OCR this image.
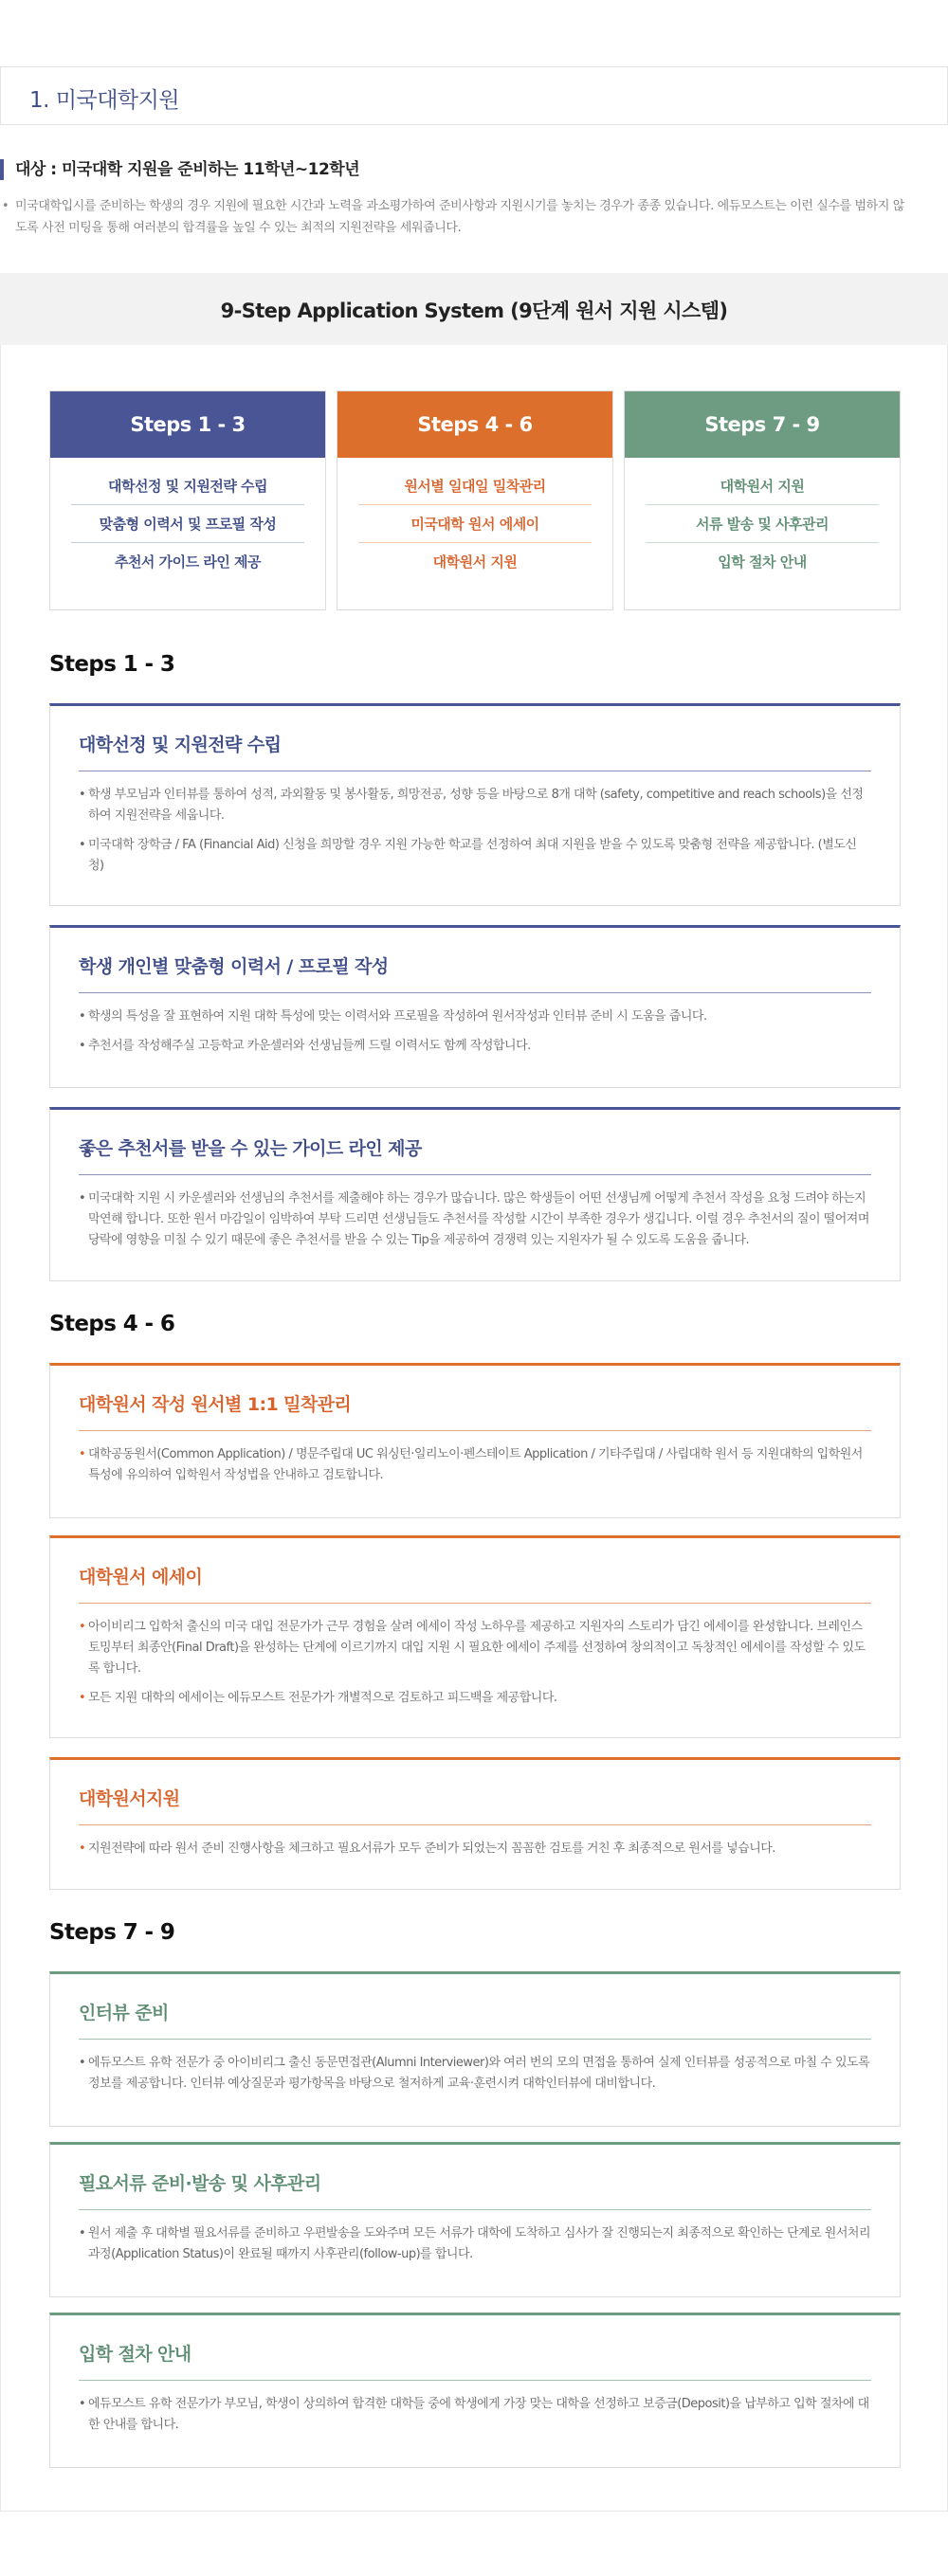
1. 미국대학지원
대상 : 미국대학 지원을 준비하는 11학년~12학년
• 미국대학입시를 준비하는 학생의 경우 지원에 필요한 시간과 노력을 과소평가하여 준비사항과 지원시기를 놓치는 경우가 종종 있습니다. 에듀모스트는 이런 실수를 범하지 않도록 사전 미팅을 통해 여러분의 합격률을 높일 수 있는 최적의 지원전략을 세워줍니다.
9-Step Application System (9단계 원서 지원 시스템)
Steps 1 - 3
대학선정 및 지원전략 수립
맞춤형 이력서 및 프로필 작성
추천서 가이드 라인 제공
Steps 4 - 6
원서별 일대일 밀착관리
미국대학 원서 에세이
대학원서 지원
Steps 7 - 9
대학원서 지원
서류 발송 및 사후관리
입학 절차 안내
Steps 1 - 3
대학선정 및 지원전략 수립
• 학생 부모님과 인터뷰를 통하여 성적, 과외활동 및 봉사활동, 희망전공, 성향 등을 바탕으로 8개 대학 (safety, competitive and reach schools)을 선정하여 지원전략을 세웁니다.
• 미국대학 장학금 / FA (Financial Aid) 신청을 희망할 경우 지원 가능한 학교를 선정하여 최대 지원을 받을 수 있도록 맞춤형 전략을 제공합니다. (별도신청)
학생 개인별 맞춤형 이력서 / 프로필 작성
• 학생의 특성을 잘 표현하여 지원 대학 특성에 맞는 이력서와 프로필을 작성하여 원서작성과 인터뷰 준비 시 도움을 줍니다.
• 추천서를 작성해주실 고등학교 카운셀러와 선생님들께 드릴 이력서도 함께 작성합니다.
좋은 추천서를 받을 수 있는 가이드 라인 제공
• 미국대학 지원 시 카운셀러와 선생님의 추천서를 제출해야 하는 경우가 많습니다. 많은 학생들이 어떤 선생님께 어떻게 추천서 작성을 요청 드려야 하는지 막연해 합니다. 또한 원서 마감일이 임박하여 부탁 드리면 선생님들도 추천서를 작성할 시간이 부족한 경우가 생깁니다. 이럴 경우 추천서의 질이 떨어져며 당락에 영향을 미칠 수 있기 때문에 좋은 추천서를 받을 수 있는 Tip을 제공하여 경쟁력 있는 지원자가 될 수 있도록 도움을 줍니다.
Steps 4 - 6
대학원서 작성 원서별 1:1 밀착관리
• 대학공동원서(Common Application) / 명문주립대 UC 워싱턴·일리노이·펜스테이트 Application / 기타주립대 / 사립대학 원서 등 지원대학의 입학원서 특성에 유의하여 입학원서 작성법을 안내하고 검토합니다.
대학원서 에세이
• 아이비리그 입학처 출신의 미국 대입 전문가가 근무 경험을 살려 에세이 작성 노하우를 제공하고 지원자의 스토리가 담긴 에세이를 완성합니다. 브레인스토밍부터 최종안(Final Draft)을 완성하는 단계에 이르기까지 대입 지원 시 필요한 에세이 주제를 선정하여 창의적이고 독창적인 에세이를 작성할 수 있도록 합니다.
• 모든 지원 대학의 에세이는 에듀모스트 전문가가 개별적으로 검토하고 피드백을 제공합니다.
대학원서지원
• 지원전략에 따라 원서 준비 진행사항을 체크하고 필요서류가 모두 준비가 되었는지 꼼꼼한 검토를 거친 후 최종적으로 원서를 넣습니다.
Steps 7 - 9
인터뷰 준비
• 에듀모스트 유학 전문가 중 아이비리그 출신 동문면접관(Alumni Interviewer)와 여러 번의 모의 면접을 통하여 실제 인터뷰를 성공적으로 마칠 수 있도록 정보를 제공합니다. 인터뷰 예상질문과 평가항목을 바탕으로 철저하게 교육·훈련시켜 대학인터뷰에 대비합니다.
필요서류 준비·발송 및 사후관리
• 원서 제출 후 대학별 필요서류를 준비하고 우편발송을 도와주며 모든 서류가 대학에 도착하고 심사가 잘 진행되는지 최종적으로 확인하는 단계로 원서처리과정(Application Status)이 완료될 때까지 사후관리(follow-up)를 합니다.
입학 절차 안내
• 에듀모스트 유학 전문가가 부모님, 학생이 상의하여 합격한 대학들 중에 학생에게 가장 맞는 대학을 선정하고 보증금(Deposit)을 납부하고 입학 절차에 대한 안내를 합니다.
